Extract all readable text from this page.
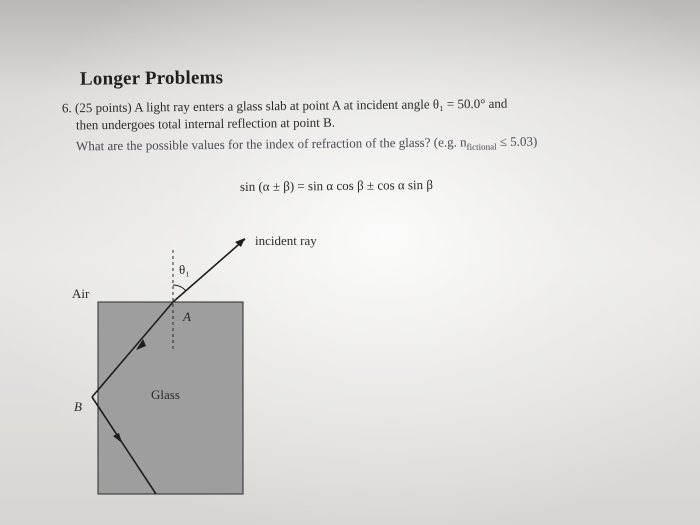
Longer Problems
6. (25 points) A light ray enters a glass slab at point A at incident angle θ₁ = 50.0° and
then undergoes total internal reflection at point B.
What are the possible values for the index of refraction of the glass? (e.g. $n_{fictional} \le 5.03$)
sin (α ± β) = sin α cos β ± cos α sin β
incident ray
θ₁
Air
A
B
Glass
